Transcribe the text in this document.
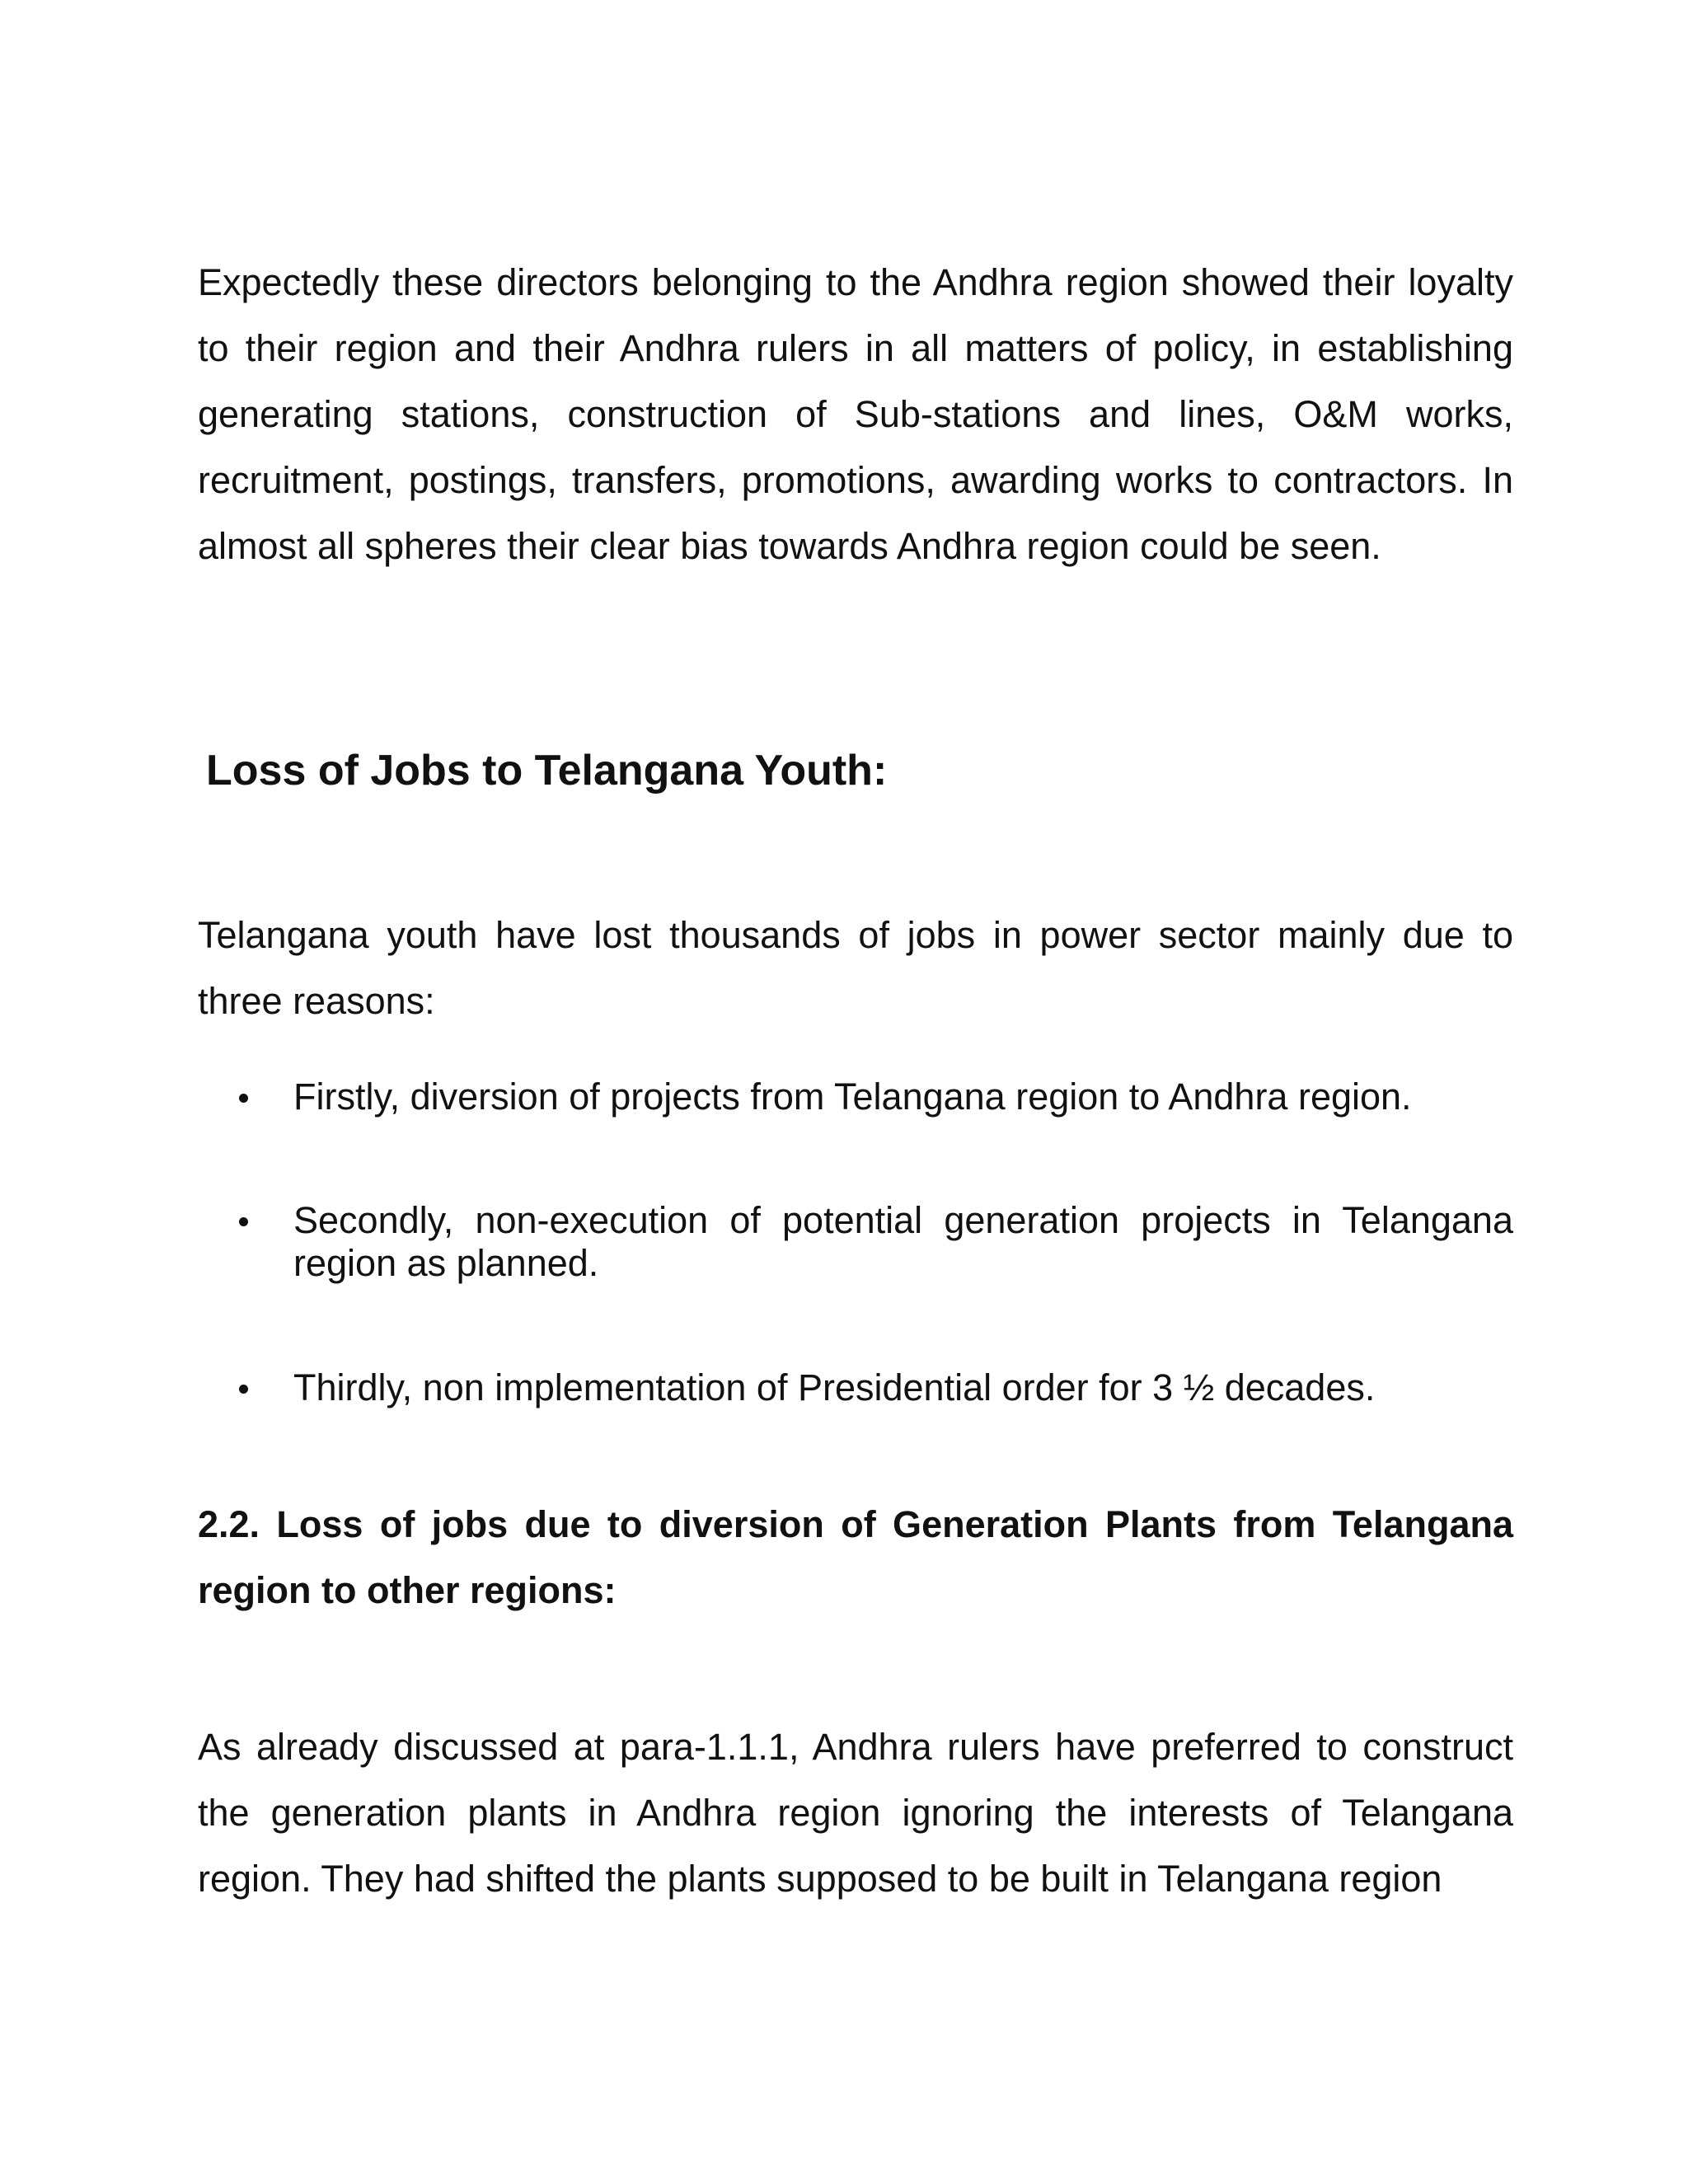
Expectedly these directors belonging to the Andhra region showed their loyalty to their region and their Andhra rulers in all matters of policy, in establishing generating stations, construction of Sub-stations and lines, O&M works, recruitment, postings, transfers, promotions, awarding works to contractors. In almost all spheres their clear bias towards Andhra region could be seen.

Loss of Jobs to Telangana Youth:

Telangana youth have lost thousands of jobs in power sector mainly due to three reasons:

Firstly, diversion of projects from Telangana region to Andhra region.
Secondly, non-execution of potential generation projects in Telangana region as planned.
Thirdly, non implementation of Presidential order for 3 ½ decades.
2.2. Loss of jobs due to diversion of Generation Plants from Telangana region to other regions:

As already discussed at para-1.1.1, Andhra rulers have preferred to construct the generation plants in Andhra region ignoring the interests of Telangana region. They had shifted the plants supposed to be built in Telangana region
